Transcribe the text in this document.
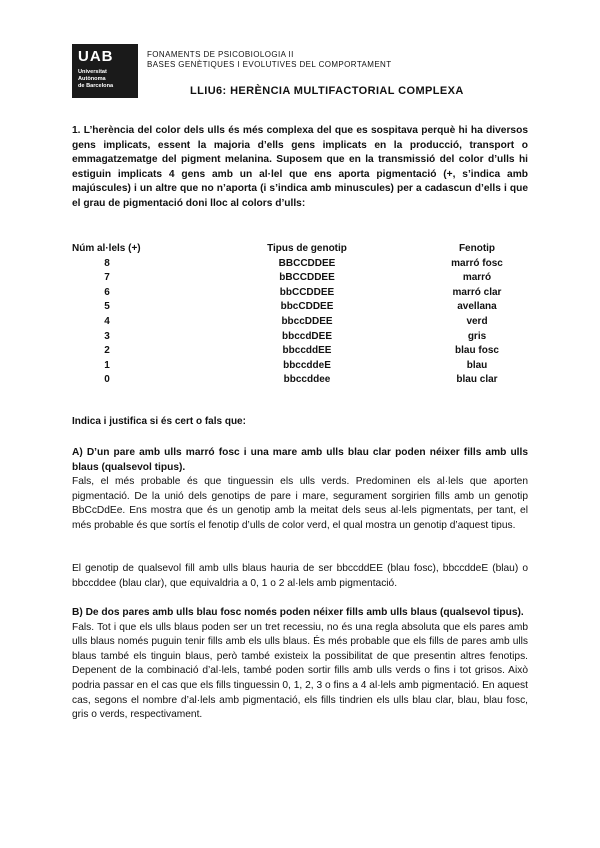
UAB
Universitat
Autònoma
de Barcelona
FONAMENTS DE PSICOBIOLOGIA II
BASES GENÈTIQUES I EVOLUTIVES DEL COMPORTAMENT
LLIU6: HERÈNCIA MULTIFACTORIAL COMPLEXA

1. L’herència del color dels ulls és més complexa del que es sospitava perquè hi ha diversos gens implicats, essent la majoria d’ells gens implicats en la producció, transport o emmagatzematge del pigment melanina. Suposem que en la transmissió del color d’ulls hi estiguin implicats 4 gens amb un al·lel que ens aporta pigmentació (+, s’indica amb majúscules) i un altre que no n’aporta (i s’indica amb minuscules) per a cadascun d’ells i que el grau de pigmentació doni lloc al colors d’ulls:

Núm al·lels (+)	Tipus de genotip	Fenotip
8	BBCCDDEE	marró fosc
7	bBCCDDEE	marró
6	bbCCDDEE	marró clar
5	bbcCDDEE	avellana
4	bbccDDEE	verd
3	bbccdDEE	gris
2	bbccddEE	blau fosc
1	bbccddeE	blau
0	bbccddee	blau clar
Indica i justifica si és cert o fals que:
A) D’un pare amb ulls marró fosc i una mare amb ulls blau clar poden néixer fills amb ulls blaus (qualsevol tipus).
Fals, el més probable és que tinguessin els ulls verds. Predominen els al·lels que aporten pigmentació. De la unió dels genotips de pare i mare, segurament sorgirien fills amb un genotip BbCcDdEe. Ens mostra que és un genotip amb la meitat dels seus al·lels pigmentats, per tant, el més probable és que sortís el fenotip d’ulls de color verd, el qual mostra un genotip d’aquest tipus.
El genotip de qualsevol fill amb ulls blaus hauria de ser bbccddEE (blau fosc), bbccddeE (blau) o bbccddee (blau clar), que equivaldria a 0, 1 o 2 al·lels amb pigmentació.
B) De dos pares amb ulls blau fosc només poden néixer fills amb ulls blaus (qualsevol tipus).
Fals. Tot i que els ulls blaus poden ser un tret recessiu, no és una regla absoluta que els pares amb ulls blaus només puguin tenir fills amb els ulls blaus. És més probable que els fills de pares amb ulls blaus també els tinguin blaus, però també existeix la possibilitat de que presentin altres fenotips. Depenent de la combinació d’al·lels, també poden sortir fills amb ulls verds o fins i tot grisos. Això podria passar en el cas que els fills tinguessin 0, 1, 2, 3 o fins a 4 al·lels amb pigmentació. En aquest cas, segons el nombre d’al·lels amb pigmentació, els fills tindrien els ulls blau clar, blau, blau fosc, gris o verds, respectivament.
